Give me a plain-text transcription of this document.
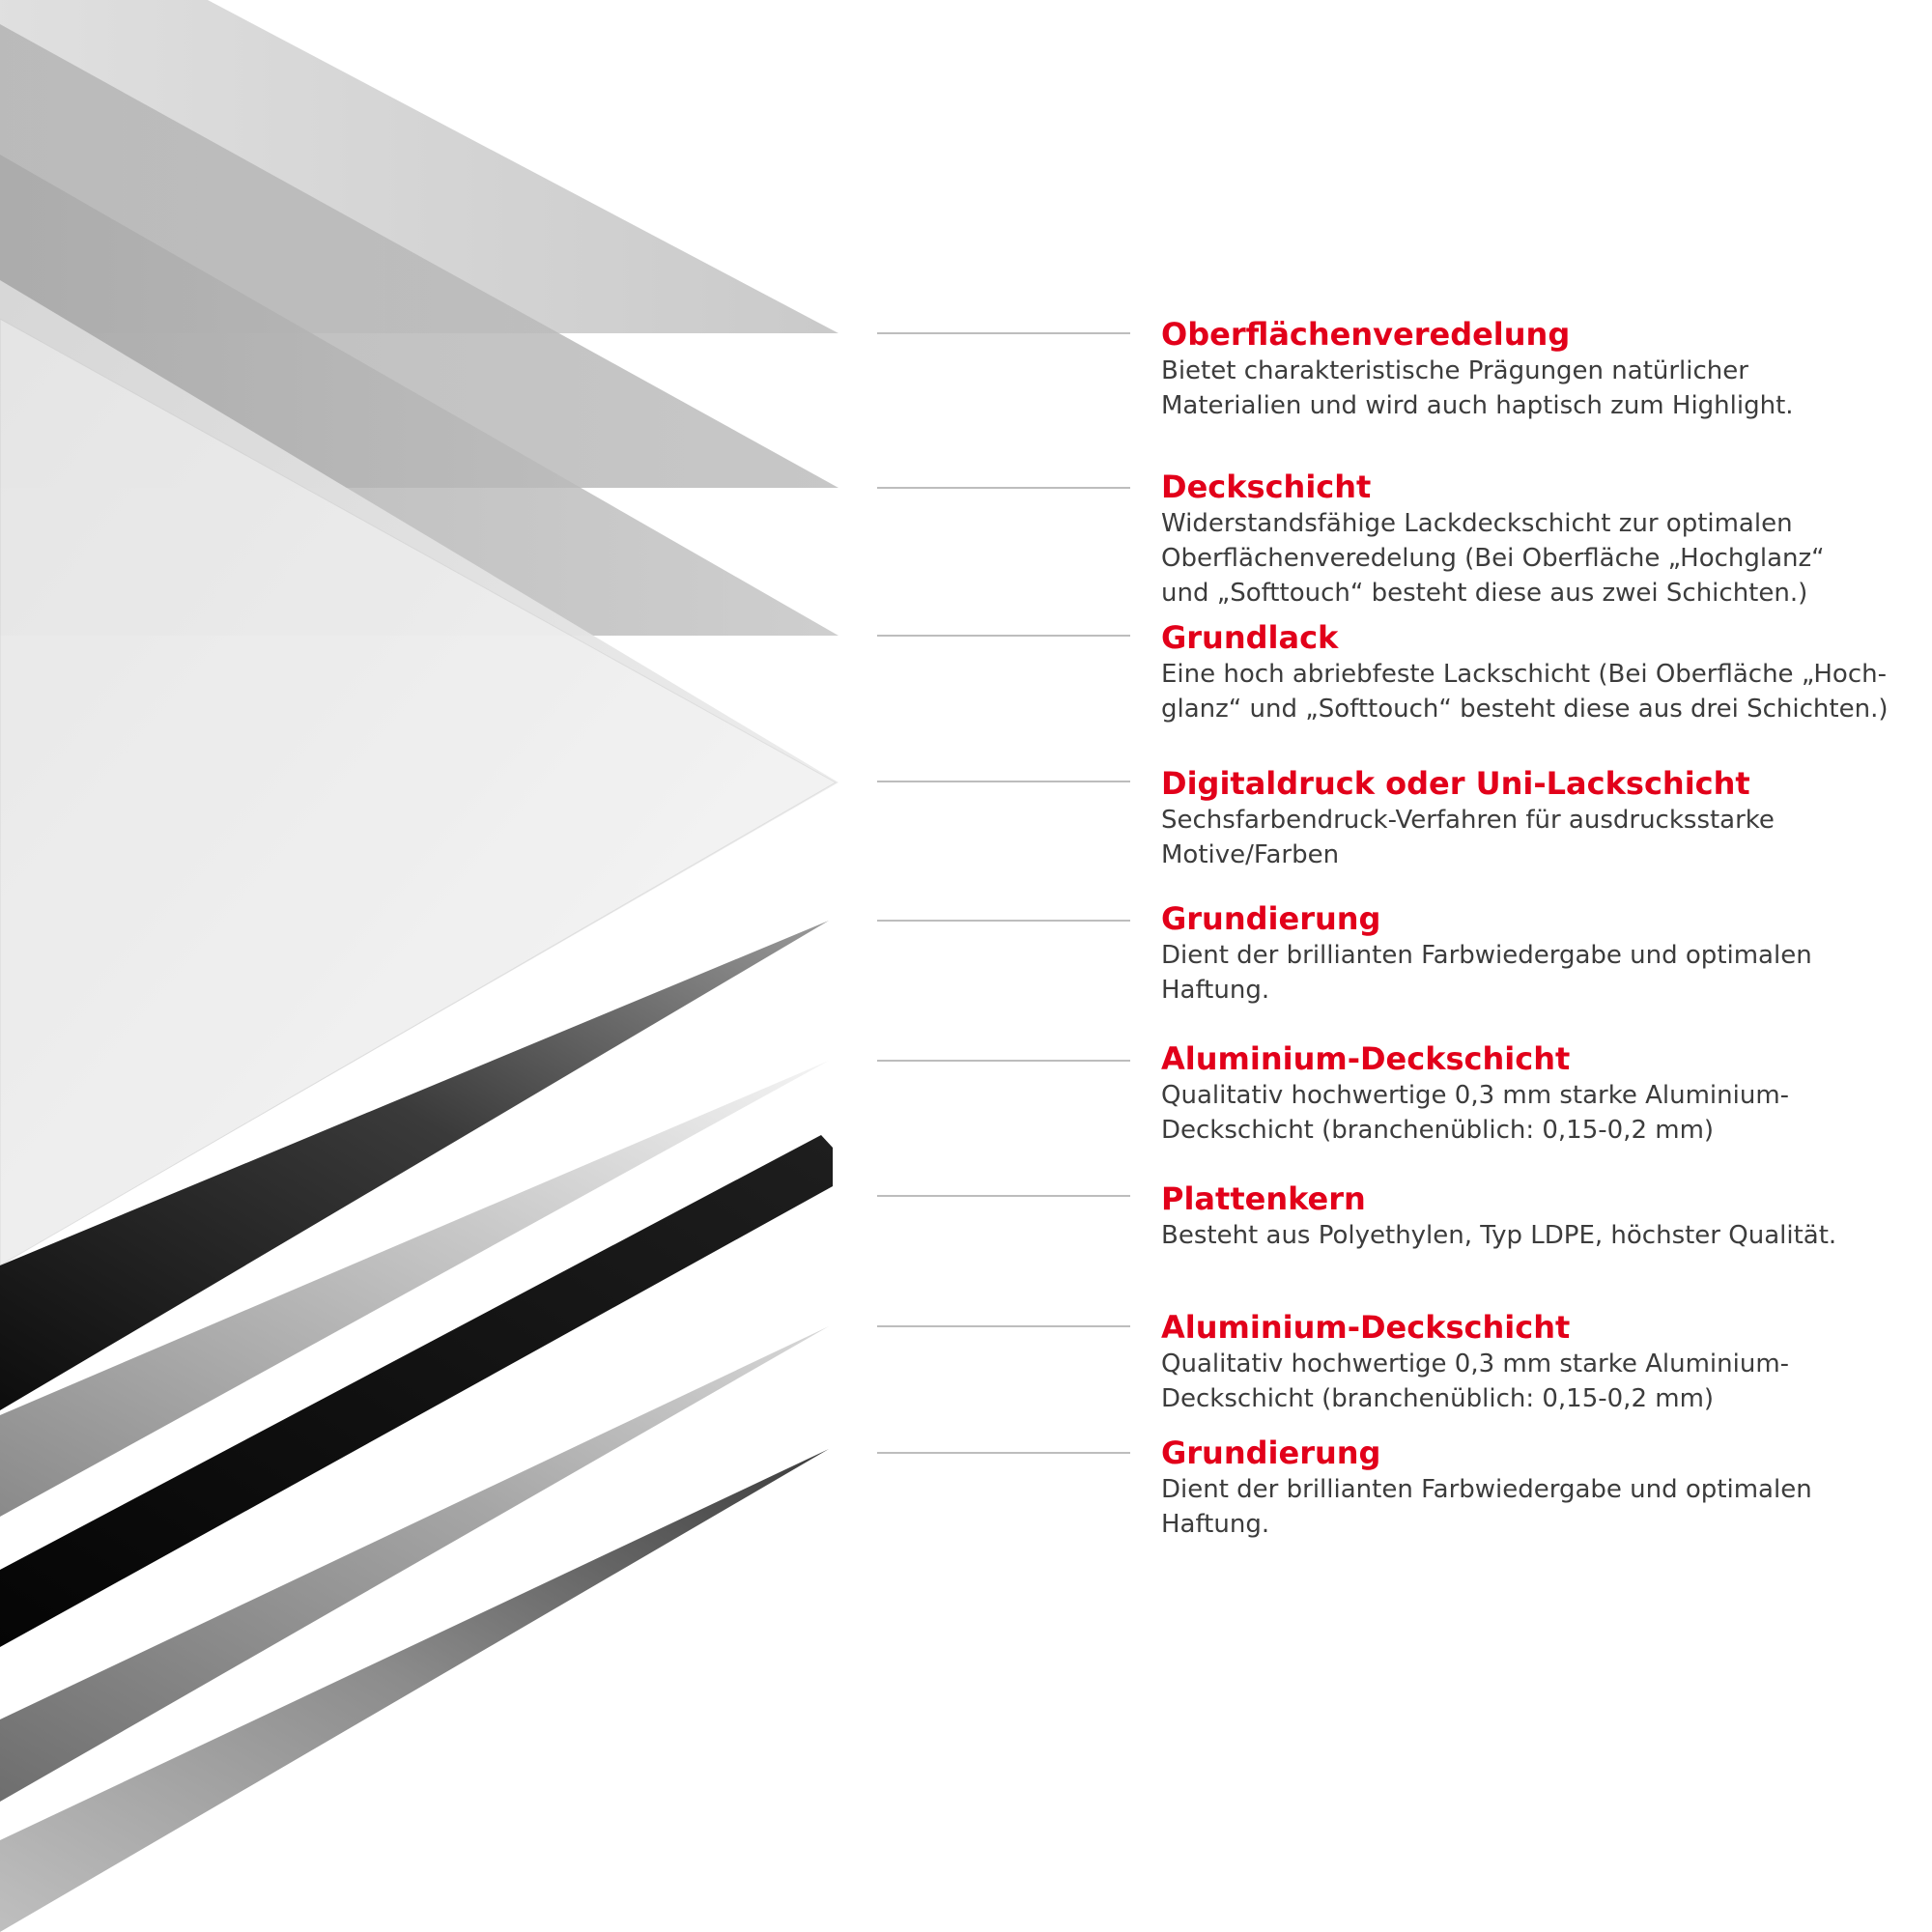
Oberflächenveredelung
Bietet charakteristische Prägungen natürlicher
Materialien und wird auch haptisch zum Highlight.
Deckschicht
Widerstandsfähige Lackdeckschicht zur optimalen
Oberflächenveredelung (Bei Oberfläche „Hochglanz“
und „Softtouch“ besteht diese aus zwei Schichten.)
Grundlack
Eine hoch abriebfeste Lackschicht (Bei Oberfläche „Hoch-
glanz“ und „Softtouch“ besteht diese aus drei Schichten.)
Digitaldruck oder Uni-Lackschicht
Sechsfarbendruck-Verfahren für ausdrucksstarke
Motive/Farben
Grundierung
Dient der brillianten Farbwiedergabe und optimalen
Haftung.
Aluminium-Deckschicht
Qualitativ hochwertige 0,3 mm starke Aluminium-
Deckschicht (branchenüblich: 0,15-0,2 mm)
Plattenkern
Besteht aus Polyethylen, Typ LDPE, höchster Qualität.
Aluminium-Deckschicht
Qualitativ hochwertige 0,3 mm starke Aluminium-
Deckschicht (branchenüblich: 0,15-0,2 mm)
Grundierung
Dient der brillianten Farbwiedergabe und optimalen
Haftung.
